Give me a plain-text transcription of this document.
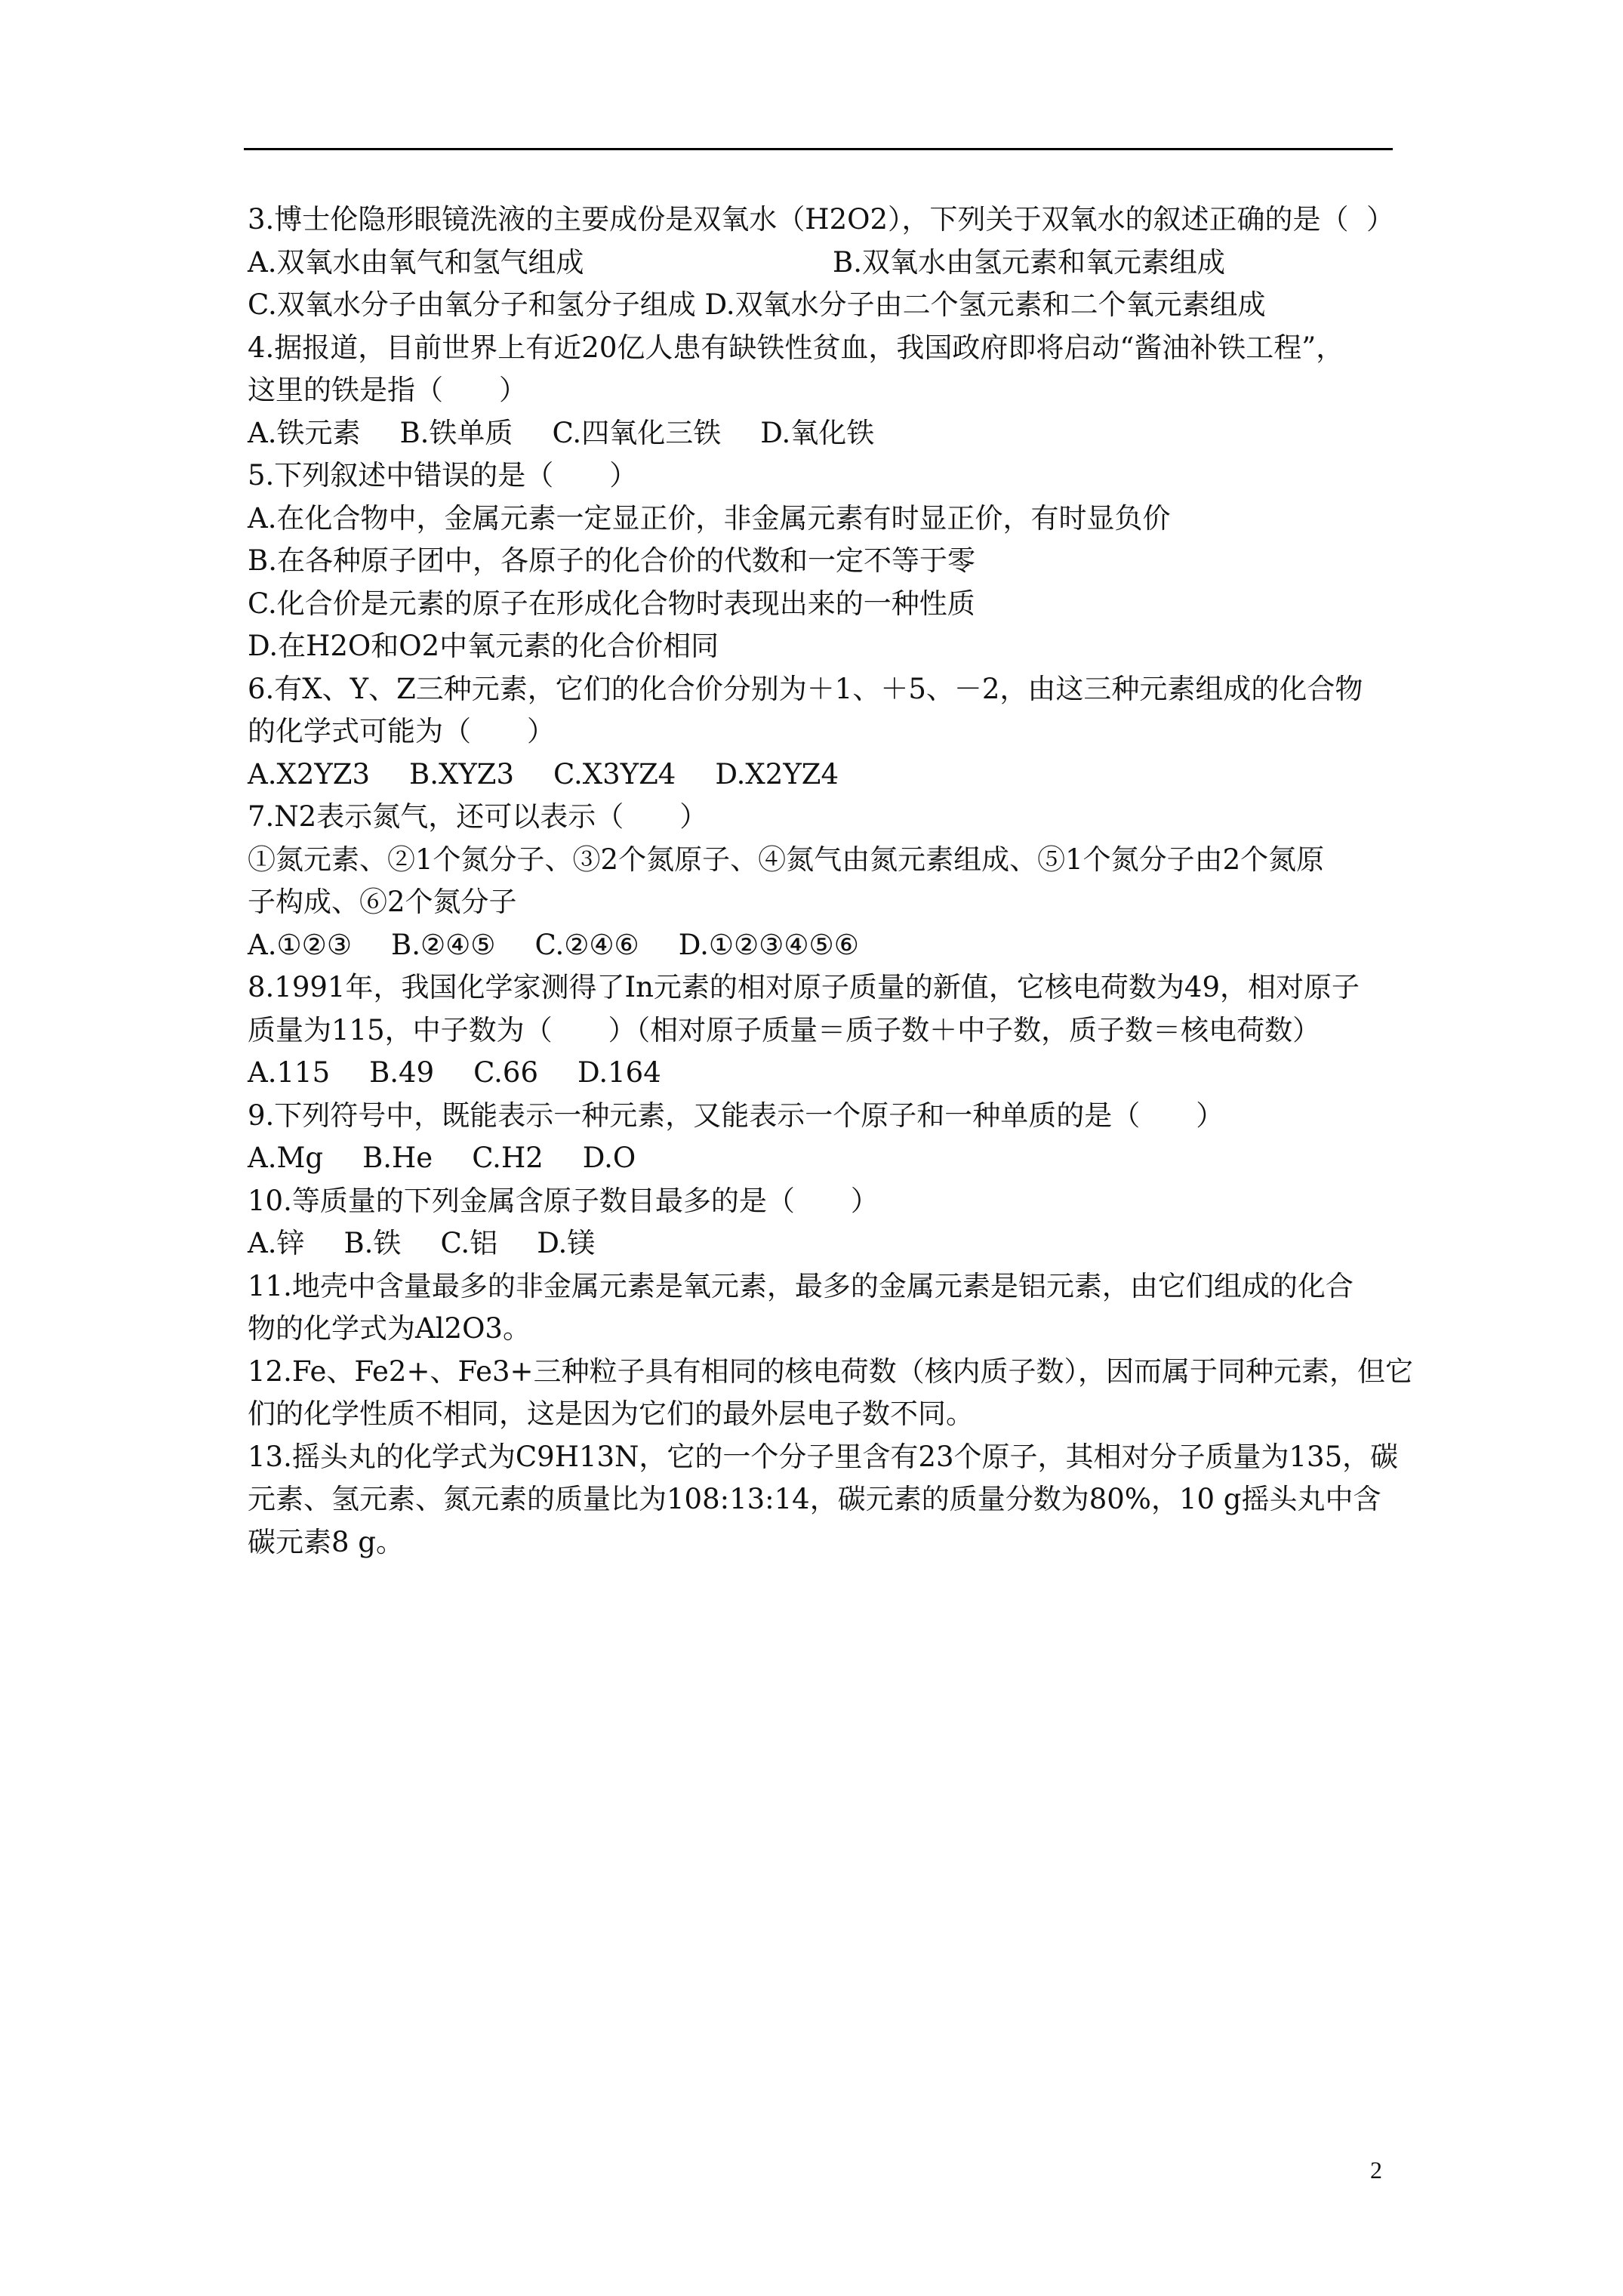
3.博士伦隐形眼镜洗液的主要成份是双氧水（H2O2），下列关于双氧水的叙述正确的是（  ）
A.双氧水由氧气和氢气组成	B.双氧水由氢元素和氧元素组成
C.双氧水分子由氧分子和氢分子组成 D.双氧水分子由二个氢元素和二个氧元素组成
4.据报道，目前世界上有近20亿人患有缺铁性贫血，我国政府即将启动“酱油补铁工程”，
这里的铁是指（　　）
A.铁元素 B.铁单质 C.四氧化三铁 D.氧化铁
5.下列叙述中错误的是（　　）
A.在化合物中，金属元素一定显正价，非金属元素有时显正价，有时显负价
B.在各种原子团中，各原子的化合价的代数和一定不等于零
C.化合价是元素的原子在形成化合物时表现出来的一种性质
D.在H2O和O2中氧元素的化合价相同
6.有X、Y、Z三种元素，它们的化合价分别为＋1、＋5、－2，由这三种元素组成的化合物
的化学式可能为（　　）
A.X2YZ3 B.XYZ3 C.X3YZ4 D.X2YZ4
7.N2表示氮气，还可以表示（　　）
①氮元素、②1个氮分子、③2个氮原子、④氮气由氮元素组成、⑤1个氮分子由2个氮原
子构成、⑥2个氮分子
A.①②③ B.②④⑤ C.②④⑥ D.①②③④⑤⑥
8.1991年，我国化学家测得了In元素的相对原子质量的新值，它核电荷数为49，相对原子
质量为115，中子数为（　　）（相对原子质量＝质子数＋中子数，质子数＝核电荷数）
A.115 B.49 C.66 D.164
9.下列符号中，既能表示一种元素，又能表示一个原子和一种单质的是（　　）
A.Mg B.He C.H2 D.O
10.等质量的下列金属含原子数目最多的是（　　）
A.锌 B.铁 C.铝 D.镁
11.地壳中含量最多的非金属元素是氧元素，最多的金属元素是铝元素，由它们组成的化合
物的化学式为Al2O3。
12.Fe、Fe2+、Fe3+三种粒子具有相同的核电荷数（核内质子数），因而属于同种元素，但它
们的化学性质不相同，这是因为它们的最外层电子数不同。
13.摇头丸的化学式为C9H13N，它的一个分子里含有23个原子，其相对分子质量为135，碳
元素、氢元素、氮元素的质量比为108:13:14，碳元素的质量分数为80%，10 g摇头丸中含
碳元素8 g。
2
